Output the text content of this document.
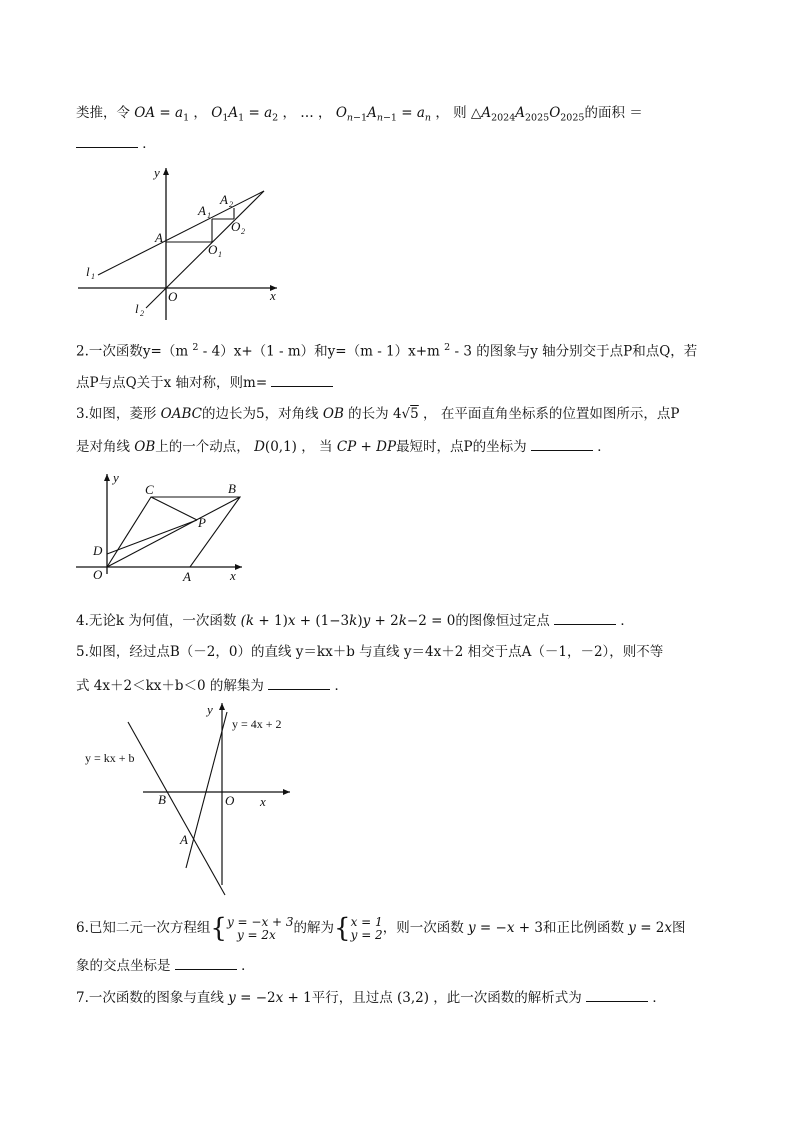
类推，令 OA = $a_1$ ， $O_1A_1 = a_2$ ， … ， $O_{n-1}A_{n-1} = a_n$ ， 则 $\triangle A_{2024}A_{2025}O_{2025}$的面积 ＝
．
y
x
A
O
A 1
A 2
O 1
O 2
l 1
l 2
2.一次函数y=（m $^2$ - 4）x+（1 - m）和y=（m - 1）x+m $^2$ - 3 的图象与y 轴分别交于点P和点Q，若
点P与点Q关于x 轴对称，则m=
3.如图，菱形 OABC的边长为5，对角线 OB 的长为 4√5 ， 在平面直角坐标系的位置如图所示，点P
是对角线 OB上的一个动点， D(0,1) ， 当 CP + DP最短时，点P的坐标为	．
y
x
C	B
P
D
O	A
4.无论k 为何值，一次函数 (k + 1)x + (1−3k)y + 2k−2 = 0的图像恒过定点	．
5.如图，经过点B（－2，0）的直线 y＝kx＋b 与直线 y＝4x＋2 相交于点A（－1，－2），则不等
式 4x＋2＜kx＋b＜0 的解集为	．
y
x
B	O
A
y = 4x + 2
y = kx + b
6.已知二元一次方程组{y = −x + 3
y = 2x 的解为{x = 1
y = 2，则一次函数 y = −x + 3和正比例函数 y = 2x图
象的交点坐标是	．
7.一次函数的图象与直线 y = −2x + 1平行，且过点 (3,2) ，此一次函数的解析式为	．
